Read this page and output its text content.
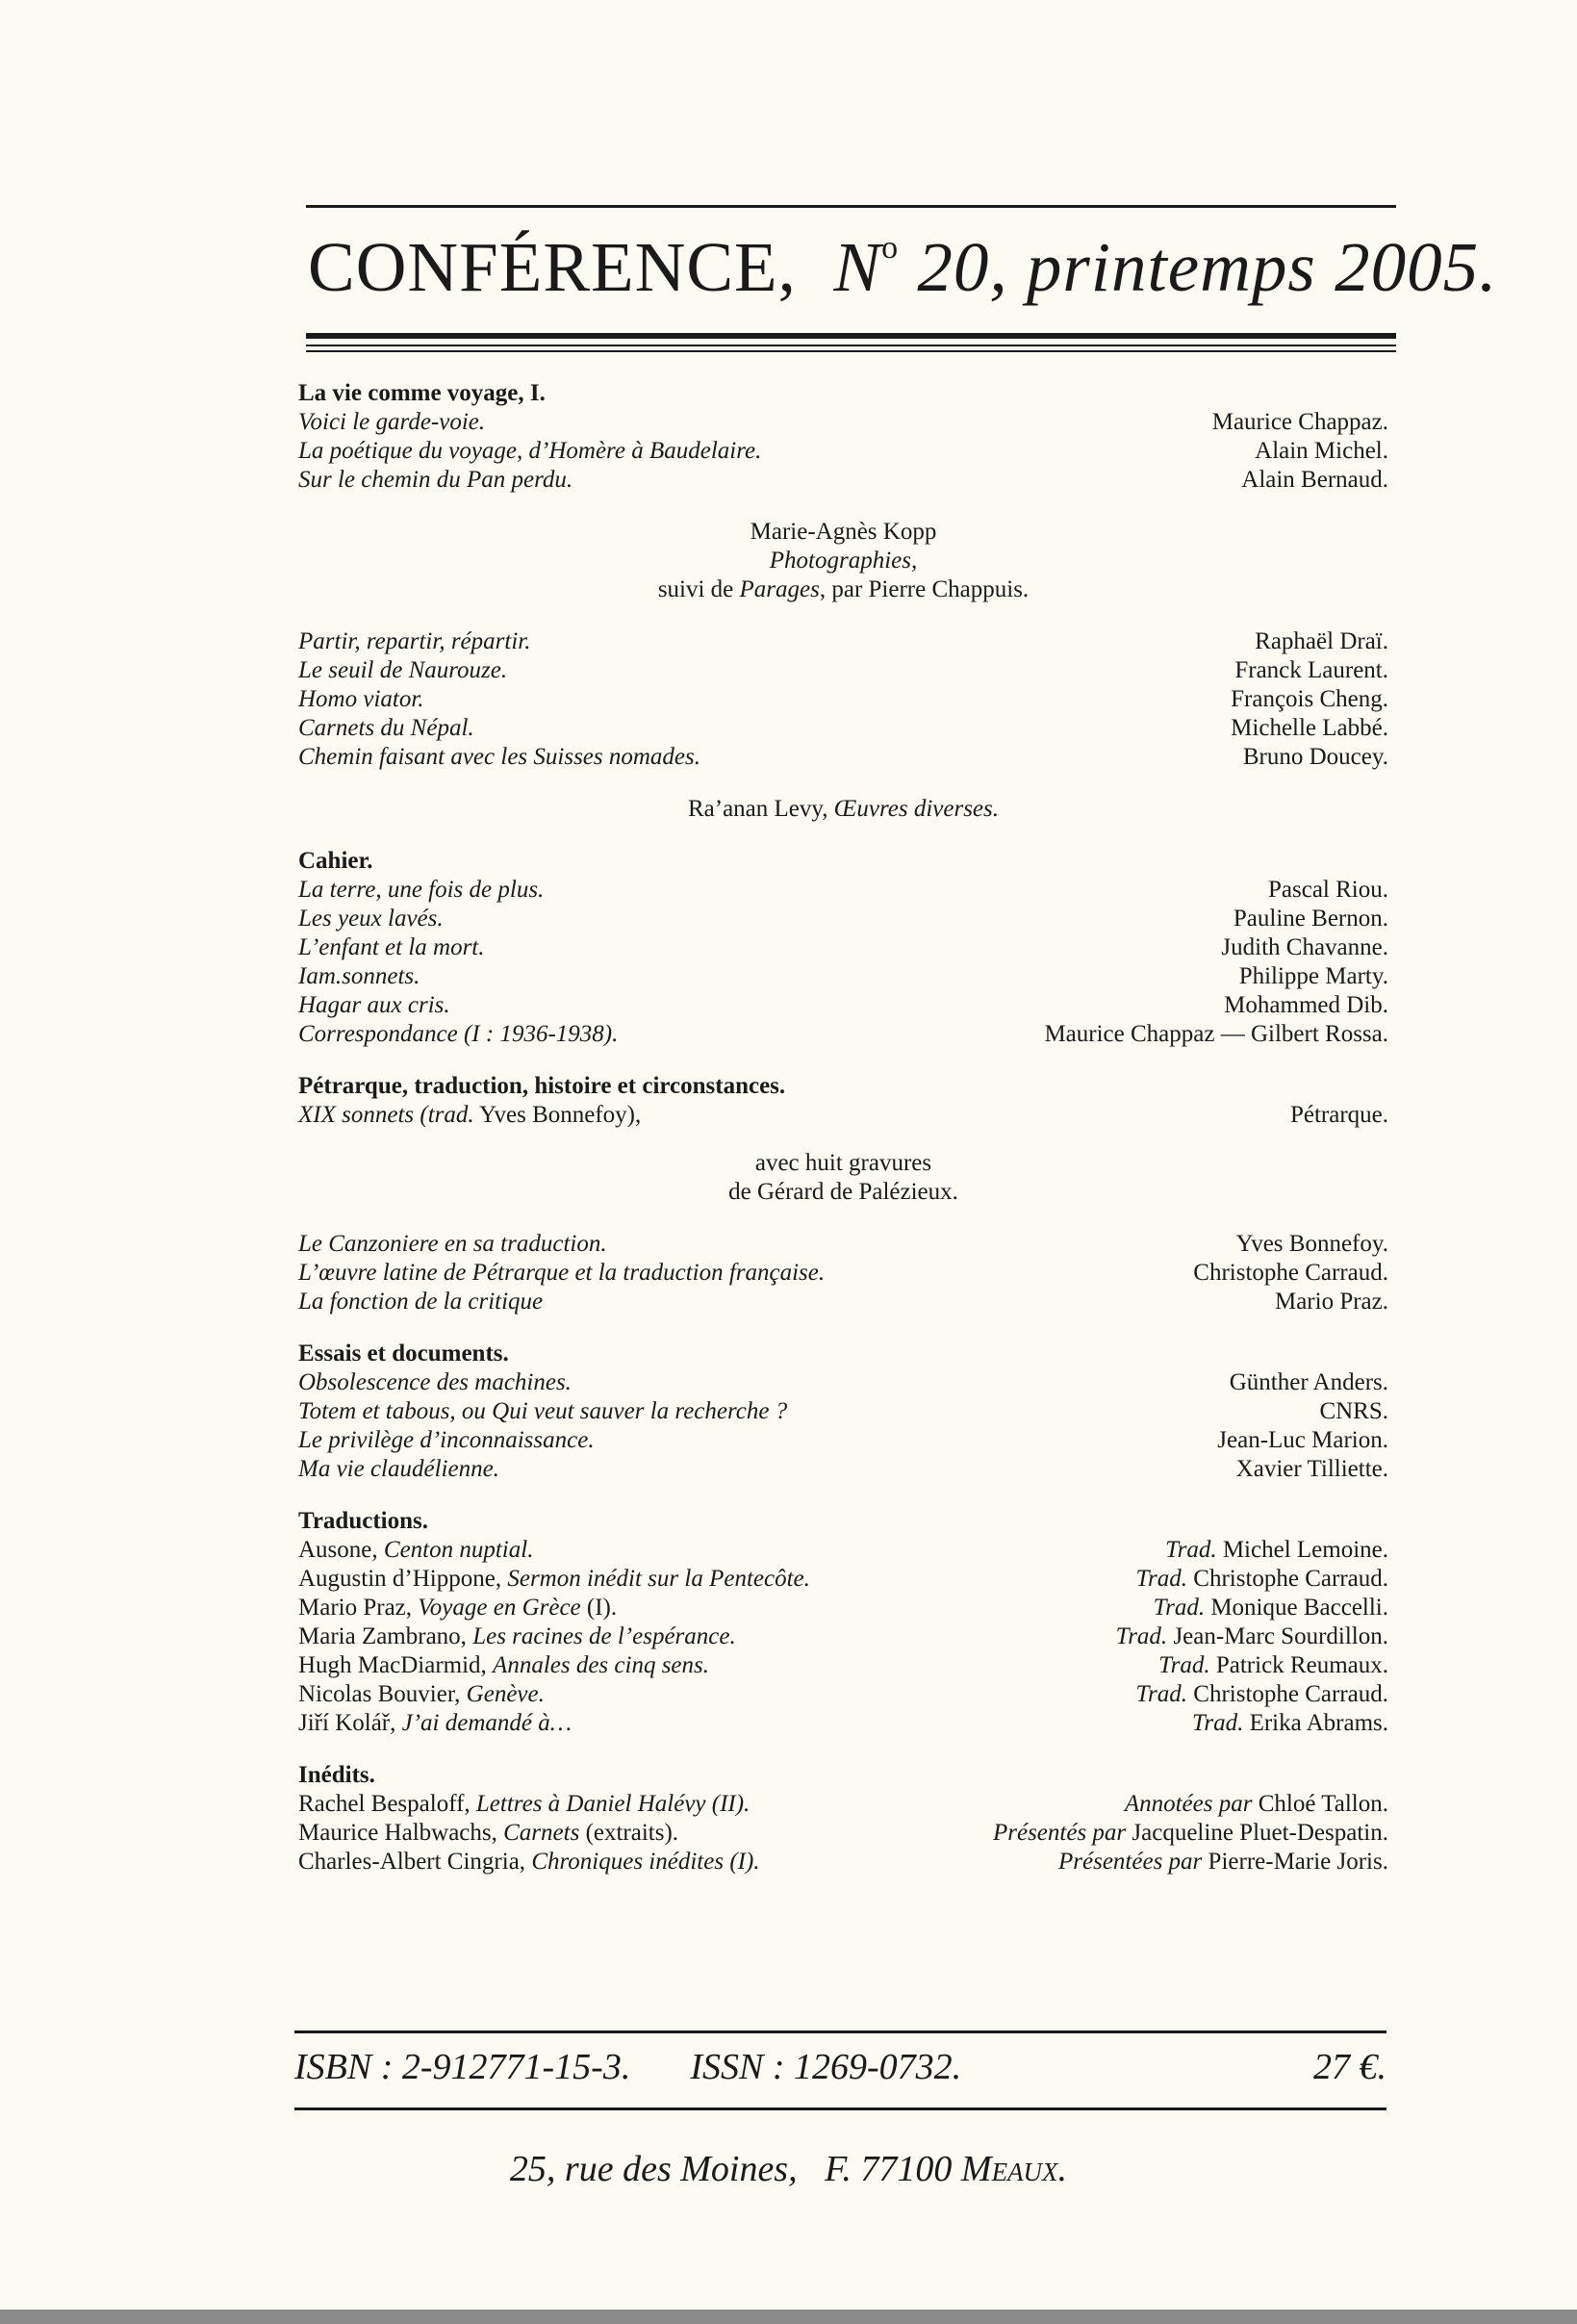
CONFÉRENCE, $N^o$ 20, printemps 2005.
La vie comme voyage, I.
Voici le garde-voie.	Maurice Chappaz.
La poétique du voyage, d’Homère à Baudelaire.	Alain Michel.
Sur le chemin du Pan perdu.	Alain Bernaud.
Marie-Agnès Kopp
Photographies,
suivi de Parages, par Pierre Chappuis.
Partir, repartir, répartir.	Raphaël Draï.
Le seuil de Naurouze.	Franck Laurent.
Homo viator.	François Cheng.
Carnets du Népal.	Michelle Labbé.
Chemin faisant avec les Suisses nomades.	Bruno Doucey.
Ra’anan Levy, Œuvres diverses.
Cahier.
La terre, une fois de plus.	Pascal Riou.
Les yeux lavés.	Pauline Bernon.
L’enfant et la mort.	Judith Chavanne.
Iam.sonnets.	Philippe Marty.
Hagar aux cris.	Mohammed Dib.
Correspondance (I : 1936-1938).	Maurice Chappaz — Gilbert Rossa.
Pétrarque, traduction, histoire et circonstances.
XIX sonnets (trad. Yves Bonnefoy),	Pétrarque.
avec huit gravures
de Gérard de Palézieux.
Le Canzoniere en sa traduction.	Yves Bonnefoy.
L’œuvre latine de Pétrarque et la traduction française.	Christophe Carraud.
La fonction de la critique	Mario Praz.
Essais et documents.
Obsolescence des machines.	Günther Anders.
Totem et tabous, ou Qui veut sauver la recherche ?	CNRS.
Le privilège d’inconnaissance.	Jean-Luc Marion.
Ma vie claudélienne.	Xavier Tilliette.
Traductions.
Ausone, Centon nuptial.	Trad. Michel Lemoine.
Augustin d’Hippone, Sermon inédit sur la Pentecôte.	Trad. Christophe Carraud.
Mario Praz, Voyage en Grèce (I).	Trad. Monique Baccelli.
Maria Zambrano, Les racines de l’espérance.	Trad. Jean-Marc Sourdillon.
Hugh MacDiarmid, Annales des cinq sens.	Trad. Patrick Reumaux.
Nicolas Bouvier, Genève.	Trad. Christophe Carraud.
Jiří Kolář, J’ai demandé à…	Trad. Erika Abrams.
Inédits.
Rachel Bespaloff, Lettres à Daniel Halévy (II).	Annotées par Chloé Tallon.
Maurice Halbwachs, Carnets (extraits).	Présentés par Jacqueline Pluet-Despatin.
Charles-Albert Cingria, Chroniques inédites (I).	Présentées par Pierre-Marie Joris.
ISBN : 2-912771-15-3. ISSN : 1269-0732.	27 €.
25, rue des Moines,   F. 77100 Meaux.
